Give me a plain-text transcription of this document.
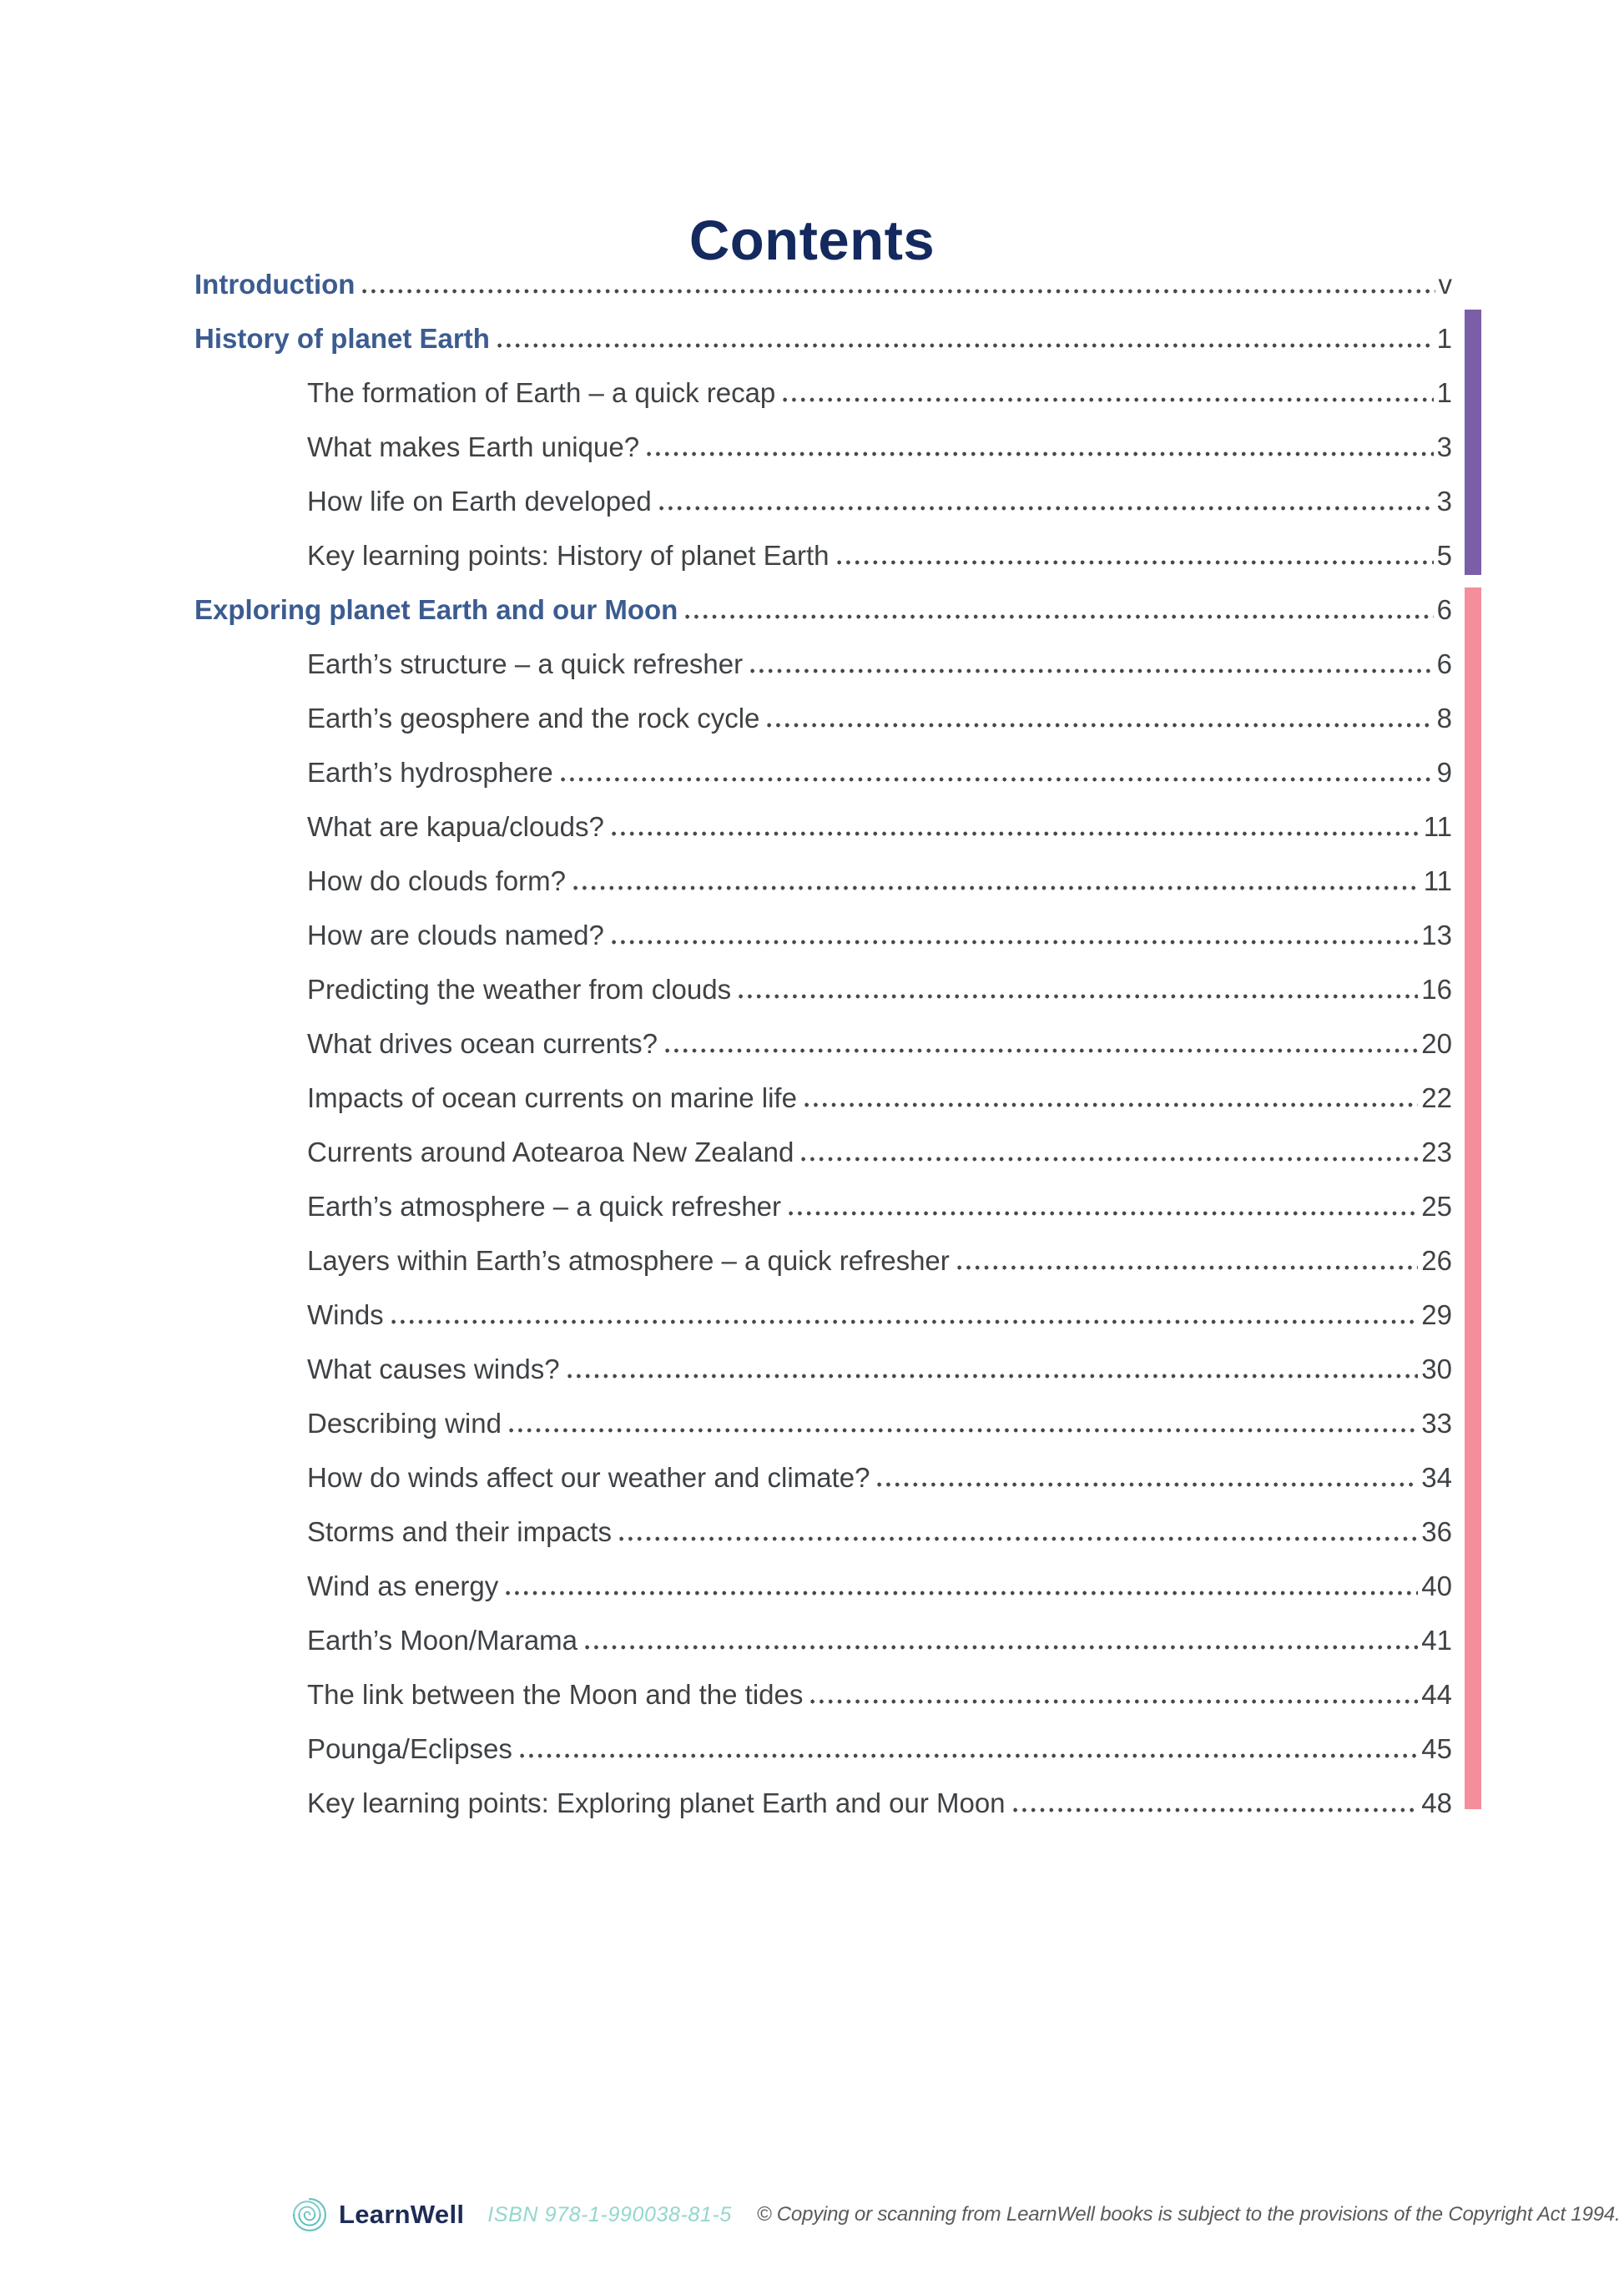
Contents
Introduction	v
History of planet Earth	1
The formation of Earth – a quick recap	1
What makes Earth unique?	3
How life on Earth developed	3
Key learning points: History of planet Earth	5
Exploring planet Earth and our Moon	6
Earth’s structure – a quick refresher	6
Earth’s geosphere and the rock cycle	8
Earth’s hydrosphere	9
What are kapua/clouds?	11
How do clouds form?	11
How are clouds named?	13
Predicting the weather from clouds	16
What drives ocean currents?	20
Impacts of ocean currents on marine life	22
Currents around Aotearoa New Zealand	23
Earth’s atmosphere – a quick refresher	25
Layers within Earth’s atmosphere – a quick refresher	26
Winds	29
What causes winds?	30
Describing wind	33
How do winds affect our weather and climate?	34
Storms and their impacts	36
Wind as energy	40
Earth’s Moon/Marama	41
The link between the Moon and the tides	44
Pounga/Eclipses	45
Key learning points: Exploring planet Earth and our Moon	48
LearnWell ISBN 978-1-990038-81-5 © Copying or scanning from LearnWell books is subject to the provisions of the Copyright Act 1994.
